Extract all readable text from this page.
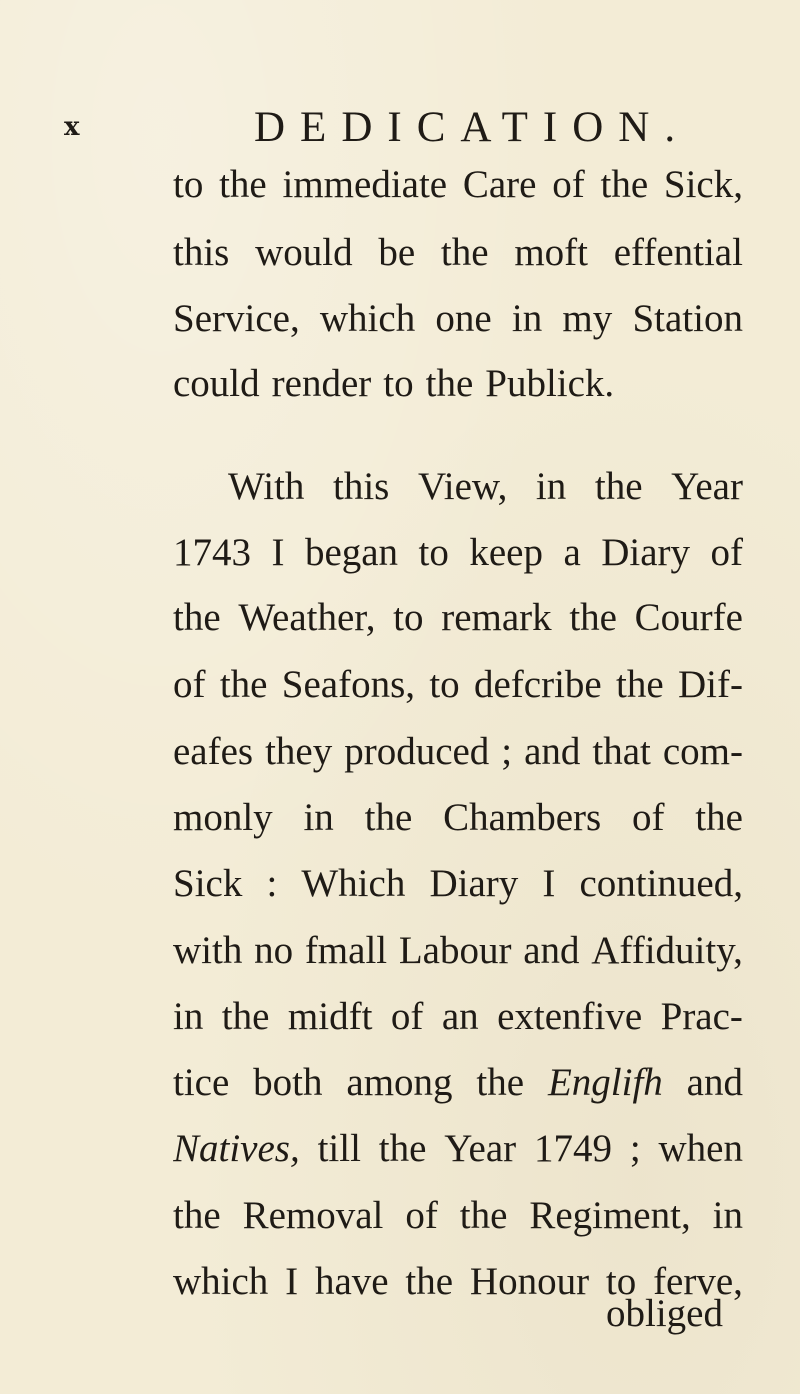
x	DEDICATION.
to the immediate Care of the Sick,
this would be the moft effential
Service, which one in my Station
could render to the Publick.
With this View, in the Year
1743 I began to keep a Diary of
the Weather, to remark the Courfe
of the Seafons, to defcribe the Dif-
eafes they produced ; and that com-
monly in the Chambers of the
Sick : Which Diary I continued,
with no fmall Labour and Affiduity,
in the midft of an extenfive Prac-
tice both among the Englifh and
Natives, till the Year 1749 ; when
the Removal of the Regiment, in
which I have the Honour to ferve,
obliged
